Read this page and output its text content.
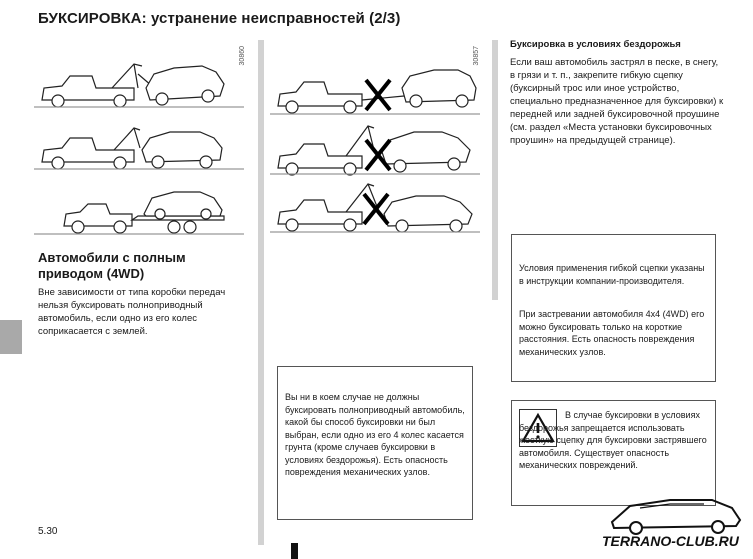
БУКСИРОВКА: устранение неисправностей (2/3)
30860	30857
Автомобили с полным приводом (4WD)
Вне зависимости от типа коробки передач нельзя буксировать полноприводный автомобиль, если одно из его колес соприкасается с землей.
Вы ни в коем случае не должны буксировать полноприводный автомобиль, какой бы способ буксировки ни был выбран, если одно из его 4 колес касается грунта (кроме случаев буксировки в условиях бездорожья). Есть опасность повреждения механических узлов.
Буксировка в условиях бездорожья
Если ваш автомобиль застрял в песке, в снегу, в грязи и т. п., закрепите гибкую сцепку (буксирный трос или иное устройство, специально предназначенное для буксировки) к передней или задней буксировочной проушине (см. раздел «Места установки буксировочных проушин» на предыдущей странице).
Условия применения гибкой сцепки указаны в инструкции компании-производителя.
При застревании автомобиля 4x4 (4WD) его можно буксировать только на короткие расстояния. Есть опасность повреждения механических узлов.
В случае буксировки в условиях бездорожья запрещается использовать жесткую сцепку для буксировки застрявшего автомобиля. Существует опасность механических повреждений.
5.30
TERRANO-CLUB.RU
